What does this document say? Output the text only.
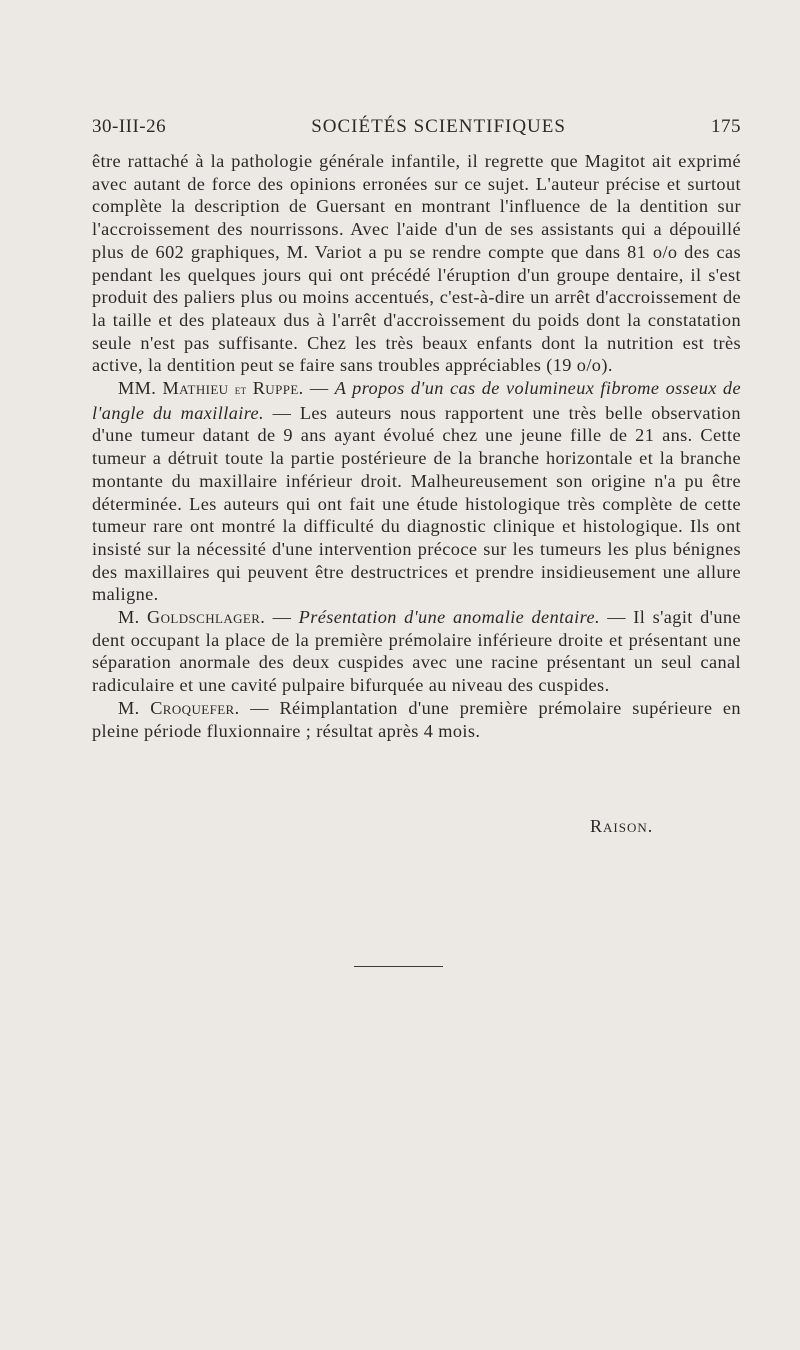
30-III-26	SOCIÉTÉS SCIENTIFIQUES	175

être rattaché à la pathologie générale infantile, il regrette que Magitot ait exprimé avec autant de force des opinions erronées sur ce sujet. L'auteur précise et surtout complète la description de Guersant en montrant l'influence de la dentition sur l'accroissement des nourrissons. Avec l'aide d'un de ses assistants qui a dépouillé plus de 602 graphiques, M. Variot a pu se rendre compte que dans 81 o/o des cas pendant les quelques jours qui ont précédé l'éruption d'un groupe dentaire, il s'est produit des paliers plus ou moins accentués, c'est-à-dire un arrêt d'accroissement de la taille et des plateaux dus à l'arrêt d'accroissement du poids dont la constatation seule n'est pas suffisante. Chez les très beaux enfants dont la nutrition est très active, la dentition peut se faire sans troubles appréciables (19 o/o).

MM. Mathieu et Ruppe. — A propos d'un cas de volumineux fibrome osseux de l'angle du maxillaire. — Les auteurs nous rapportent une très belle observation d'une tumeur datant de 9 ans ayant évolué chez une jeune fille de 21 ans. Cette tumeur a détruit toute la partie postérieure de la branche horizontale et la branche montante du maxillaire inférieur droit. Malheureusement son origine n'a pu être déterminée. Les auteurs qui ont fait une étude histologique très complète de cette tumeur rare ont montré la difficulté du diagnostic clinique et histologique. Ils ont insisté sur la nécessité d'une intervention précoce sur les tumeurs les plus bénignes des maxillaires qui peuvent être destructrices et prendre insidieusement une allure maligne.

M. Goldschlager. — Présentation d'une anomalie dentaire. — Il s'agit d'une dent occupant la place de la première prémolaire inférieure droite et présentant une séparation anormale des deux cuspides avec une racine présentant un seul canal radiculaire et une cavité pulpaire bifurquée au niveau des cuspides.

M. Croquefer. — Réimplantation d'une première prémolaire supérieure en pleine période fluxionnaire ; résultat après 4 mois.

Raison.
